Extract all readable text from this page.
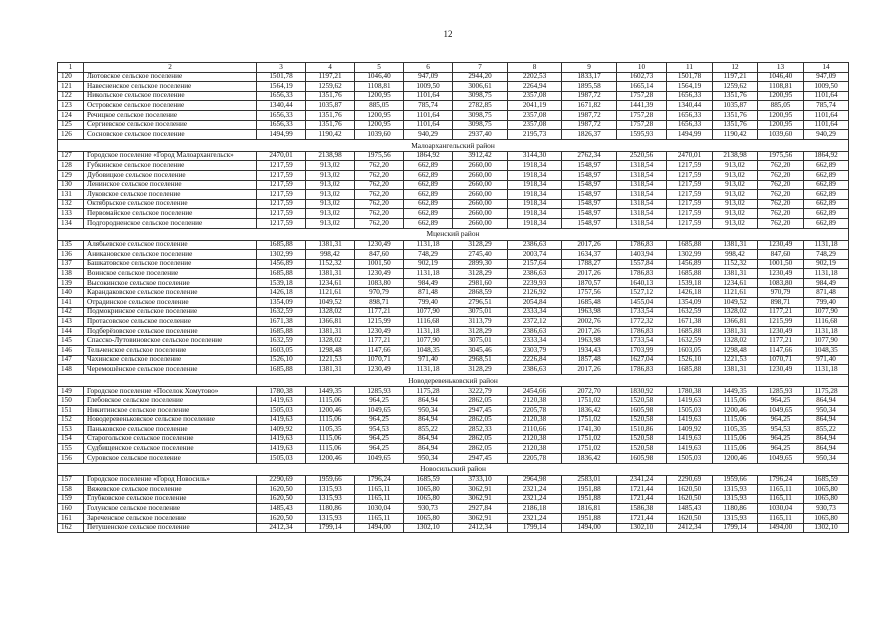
12
1	2	3	4	5	6	7	8	9	10	11	12	13	14
120	Лютовское сельское поселение	1501,78	1197,21	1046,40	947,09	2944,20	2202,53	1833,17	1602,73	1501,78	1197,21	1046,40	947,09
121	Навесненское сельское поселение	1564,19	1259,62	1108,81	1009,50	3006,61	2264,94	1895,58	1665,14	1564,19	1259,62	1108,81	1009,50
122	Никольское сельское поселение	1656,33	1351,76	1200,95	1101,64	3098,75	2357,08	1987,72	1757,28	1656,33	1351,76	1200,95	1101,64
123	Островское сельское поселение	1340,44	1035,87	885,05	785,74	2782,85	2041,19	1671,82	1441,39	1340,44	1035,87	885,05	785,74
124	Речицкое сельское поселение	1656,33	1351,76	1200,95	1101,64	3098,75	2357,08	1987,72	1757,28	1656,33	1351,76	1200,95	1101,64
125	Сергиевское сельское поселение	1656,33	1351,76	1200,95	1101,64	3098,75	2357,08	1987,72	1757,28	1656,33	1351,76	1200,95	1101,64
126	Сосновское сельское поселение	1494,99	1190,42	1039,60	940,29	2937,40	2195,73	1826,37	1595,93	1494,99	1190,42	1039,60	940,29
Малоархангельский район													
127	Городское поселение «Город Малоархангельск»	2470,01	2138,98	1975,56	1864,92	3912,42	3144,30	2762,34	2520,56	2470,01	2138,98	1975,56	1864,92
128	Губкинское сельское поселение	1217,59	913,02	762,20	662,89	2660,00	1918,34	1548,97	1318,54	1217,59	913,02	762,20	662,89
129	Дубовицкое сельское поселение	1217,59	913,02	762,20	662,89	2660,00	1918,34	1548,97	1318,54	1217,59	913,02	762,20	662,89
130	Ленинское сельское поселение	1217,59	913,02	762,20	662,89	2660,00	1918,34	1548,97	1318,54	1217,59	913,02	762,20	662,89
131	Луковское сельское поселение	1217,59	913,02	762,20	662,89	2660,00	1918,34	1548,97	1318,54	1217,59	913,02	762,20	662,89
132	Октябрьское сельское поселение	1217,59	913,02	762,20	662,89	2660,00	1918,34	1548,97	1318,54	1217,59	913,02	762,20	662,89
133	Первомайское сельское поселение	1217,59	913,02	762,20	662,89	2660,00	1918,34	1548,97	1318,54	1217,59	913,02	762,20	662,89
134	Подгородненское сельское поселение	1217,59	913,02	762,20	662,89	2660,00	1918,34	1548,97	1318,54	1217,59	913,02	762,20	662,89
Мценский район													
135	Алябьевское сельское поселение	1685,88	1381,31	1230,49	1131,18	3128,29	2386,63	2017,26	1786,83	1685,88	1381,31	1230,49	1131,18
136	Аникановское сельское поселение	1302,99	998,42	847,60	748,29	2745,40	2003,74	1634,37	1403,94	1302,99	998,42	847,60	748,29
137	Башкатовское сельское поселение	1456,89	1152,32	1001,50	902,19	2899,30	2157,64	1788,27	1557,84	1456,89	1152,32	1001,50	902,19
138	Воинское сельское поселение	1685,88	1381,31	1230,49	1131,18	3128,29	2386,63	2017,26	1786,83	1685,88	1381,31	1230,49	1131,18
139	Высокинское сельское поселение	1539,18	1234,61	1083,80	984,49	2981,60	2239,93	1870,57	1640,13	1539,18	1234,61	1083,80	984,49
140	Карандаковское сельское поселение	1426,18	1121,61	970,79	871,48	2868,59	2126,92	1757,56	1527,12	1426,18	1121,61	970,79	871,48
141	Отрадинское сельское поселение	1354,09	1049,52	898,71	799,40	2796,51	2054,84	1685,48	1455,04	1354,09	1049,52	898,71	799,40
142	Подмокринское сельское поселение	1632,59	1328,02	1177,21	1077,90	3075,01	2333,34	1963,98	1733,54	1632,59	1328,02	1177,21	1077,90
143	Протасовское сельское поселение	1671,38	1366,81	1215,99	1116,68	3113,79	2372,12	2002,76	1772,32	1671,38	1366,81	1215,99	1116,68
144	Подберёзовское сельское поселение	1685,88	1381,31	1230,49	1131,18	3128,29	2386,63	2017,26	1786,83	1685,88	1381,31	1230,49	1131,18
145	Спасско-Лутовиновское сельское поселение	1632,59	1328,02	1177,21	1077,90	3075,01	2333,34	1963,98	1733,54	1632,59	1328,02	1177,21	1077,90
146	Тельченское сельское поселение	1603,05	1298,48	1147,66	1048,35	3045,46	2303,79	1934,43	1703,99	1603,05	1298,48	1147,66	1048,35
147	Чахинское сельское поселение	1526,10	1221,53	1070,71	971,40	2968,51	2226,84	1857,48	1627,04	1526,10	1221,53	1070,71	971,40
148	Черемошёнское сельское поселение	1685,88	1381,31	1230,49	1131,18	3128,29	2386,63	2017,26	1786,83	1685,88	1381,31	1230,49	1131,18
Новодеревеньковский район													
149	Городское поселение «Поселок Хомутово»	1780,38	1449,35	1285,93	1175,28	3222,79	2454,66	2072,70	1830,92	1780,38	1449,35	1285,93	1175,28
150	Глебовское сельское поселение	1419,63	1115,06	964,25	864,94	2862,05	2120,38	1751,02	1520,58	1419,63	1115,06	964,25	864,94
151	Никитинское сельское поселение	1505,03	1200,46	1049,65	950,34	2947,45	2205,78	1836,42	1605,98	1505,03	1200,46	1049,65	950,34
152	Новодеревеньковское сельское поселение	1419,63	1115,06	964,25	864,94	2862,05	2120,38	1751,02	1520,58	1419,63	1115,06	964,25	864,94
153	Паньковское сельское поселение	1409,92	1105,35	954,53	855,22	2852,33	2110,66	1741,30	1510,86	1409,92	1105,35	954,53	855,22
154	Старогольское сельское поселение	1419,63	1115,06	964,25	864,94	2862,05	2120,38	1751,02	1520,58	1419,63	1115,06	964,25	864,94
155	Судбищенское сельское поселение	1419,63	1115,06	964,25	864,94	2862,05	2120,38	1751,02	1520,58	1419,63	1115,06	964,25	864,94
156	Суровское сельское поселение	1505,03	1200,46	1049,65	950,34	2947,45	2205,78	1836,42	1605,98	1505,03	1200,46	1049,65	950,34
Новосильский район													
157	Городское поселение «Город Новосиль»	2290,69	1959,66	1796,24	1685,59	3733,10	2964,98	2583,01	2341,24	2290,69	1959,66	1796,24	1685,59
158	Вяжевское сельское поселение	1620,50	1315,93	1165,11	1065,80	3062,91	2321,24	1951,88	1721,44	1620,50	1315,93	1165,11	1065,80
159	Глубковское сельское поселение	1620,50	1315,93	1165,11	1065,80	3062,91	2321,24	1951,88	1721,44	1620,50	1315,93	1165,11	1065,80
160	Голунское сельское поселение	1485,43	1180,86	1030,04	930,73	2927,84	2186,18	1816,81	1586,38	1485,43	1180,86	1030,04	930,73
161	Зареченское сельское поселение	1620,50	1315,93	1165,11	1065,80	3062,91	2321,24	1951,88	1721,44	1620,50	1315,93	1165,11	1065,80
162	Петушенское сельское поселение	2412,34	1799,14	1494,00	1302,10	2412,34	1799,14	1494,00	1302,10	2412,34	1799,14	1494,00	1302,10
